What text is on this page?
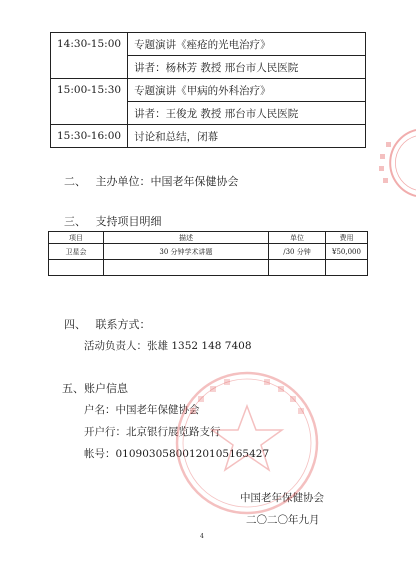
14:30-15:00	专题演讲《痤疮的光电治疗》
	讲者：杨林芳 教授 邢台市人民医院
15:00-15:30	专题演讲《甲病的外科治疗》
	讲者：王俊龙 教授 邢台市人民医院
15:30-16:00	讨论和总结，闭幕
二、 主办单位：中国老年保健协会
三、 支持项目明细
项目	描述	单位	费用
卫星会	30 分钟学术讲题	/30 分钟	¥50,000

四、 联系方式：
活动负责人：张雄 1352 148 7408
五、账户信息
户名：中国老年保健协会
开户行：北京银行展览路支行
帐号：01090305800120105165427
中国老年保健协会
二〇二〇年九月
4
